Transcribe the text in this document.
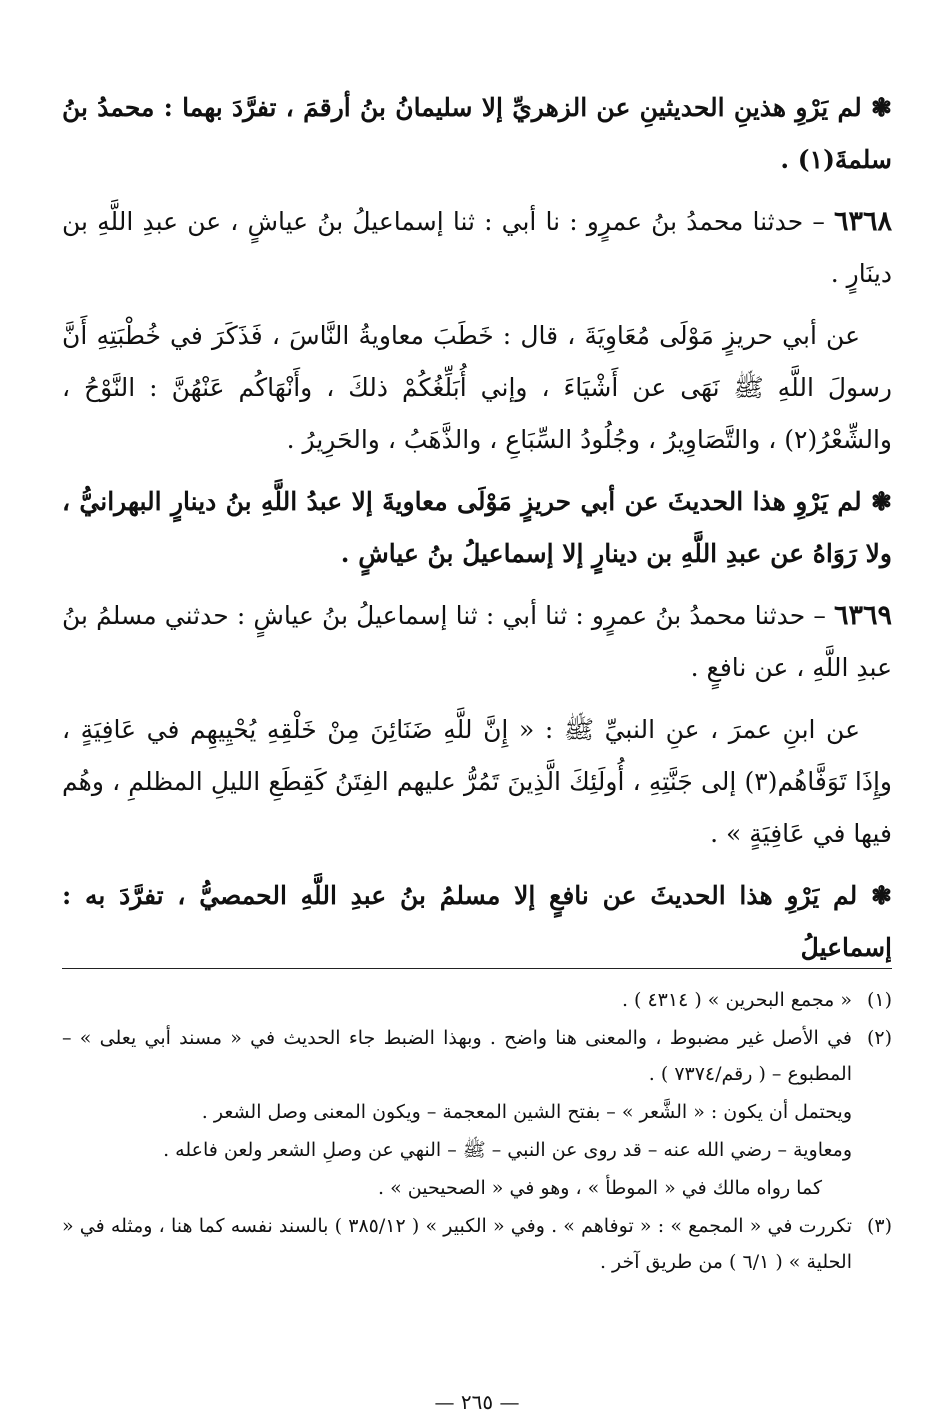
❃ لم يَرْوِ هذينِ الحديثينِ عن الزهريِّ إلا سليمانُ بنُ أرقمَ ، تفرَّدَ بهما : محمدُ بنُ سلمةَ(١) .

٦٣٦٨ – حدثنا محمدُ بنُ عمرٍو : نا أبي : ثنا إسماعيلُ بنُ عياشٍ ، عن عبدِ اللَّهِ بن دينَارٍ .

عن أبي حريزٍ مَوْلَى مُعَاوِيَةَ ، قال : خَطَبَ معاويةُ النَّاسَ ، فَذَكَرَ في خُطْبَتِهِ أَنَّ رسولَ اللَّهِ ﷺ نَهَى عن أَشْيَاءَ ، وإني أُبَلِّغُكُمْ ذلكَ ، وأَنْهَاكُم عَنْهُنَّ : النَّوْحُ ، والشِّعْرُ(٢) ، والتَّصَاوِيرُ ، وجُلُودُ السِّبَاعِ ، والذَّهَبُ ، والحَرِيرُ .

❃ لم يَرْوِ هذا الحديثَ عن أبي حريزٍ مَوْلَى معاويةَ إلا عبدُ اللَّهِ بنُ دينارٍ البهرانيُّ ، ولا رَوَاهُ عن عبدِ اللَّهِ بن دينارٍ إلا إسماعيلُ بنُ عياشٍ .

٦٣٦٩ – حدثنا محمدُ بنُ عمرٍو : ثنا أبي : ثنا إسماعيلُ بنُ عياشٍ : حدثني مسلمُ بنُ عبدِ اللَّهِ ، عن نافعٍ .

عن ابنِ عمرَ ، عنِ النبيِّ ﷺ : « إِنَّ للَّهِ ضَنَائِنَ مِنْ خَلْقِهِ يُحْيِيهِم في عَافِيَةٍ ، وإِذَا تَوَفَّاهُم(٣) إلى جَنَّتِهِ ، أُولَئِكَ الَّذِينَ تَمُرُّ عليهم الفِتَنُ كَقِطَعِ الليلِ المظلمِ ، وهُم فيها في عَافِيَةٍ » .

❃ لم يَرْوِ هذا الحديثَ عن نافعٍ إلا مسلمُ بنُ عبدِ اللَّهِ الحمصيُّ ، تفرَّدَ به : إسماعيلُ

(١)
« مجمع البحرين » ( ٤٣١٤ ) .

(٢)
في الأصل غير مضبوط ، والمعنى هنا واضح . وبهذا الضبط جاء الحديث في « مسند أبي يعلى » – المطبوع – ( رقم/٧٣٧٤ ) .

ويحتمل أن يكون : « الشَّعر » – بفتح الشين المعجمة – ويكون المعنى وصل الشعر .

ومعاوية – رضي الله عنه – قد روى عن النبي – ﷺ – النهي عن وصلِ الشعر ولعن فاعله .

كما رواه مالك في « الموطأ » ، وهو في « الصحيحين » .

(٣)
تكررت في « المجمع » : « توفاهم » . وفي « الكبير » ( ٣٨٥/١٢ ) بالسند نفسه كما هنا ، ومثله في « الحلية » ( ٦/١ ) من طريق آخر .

— ٢٦٥ —
